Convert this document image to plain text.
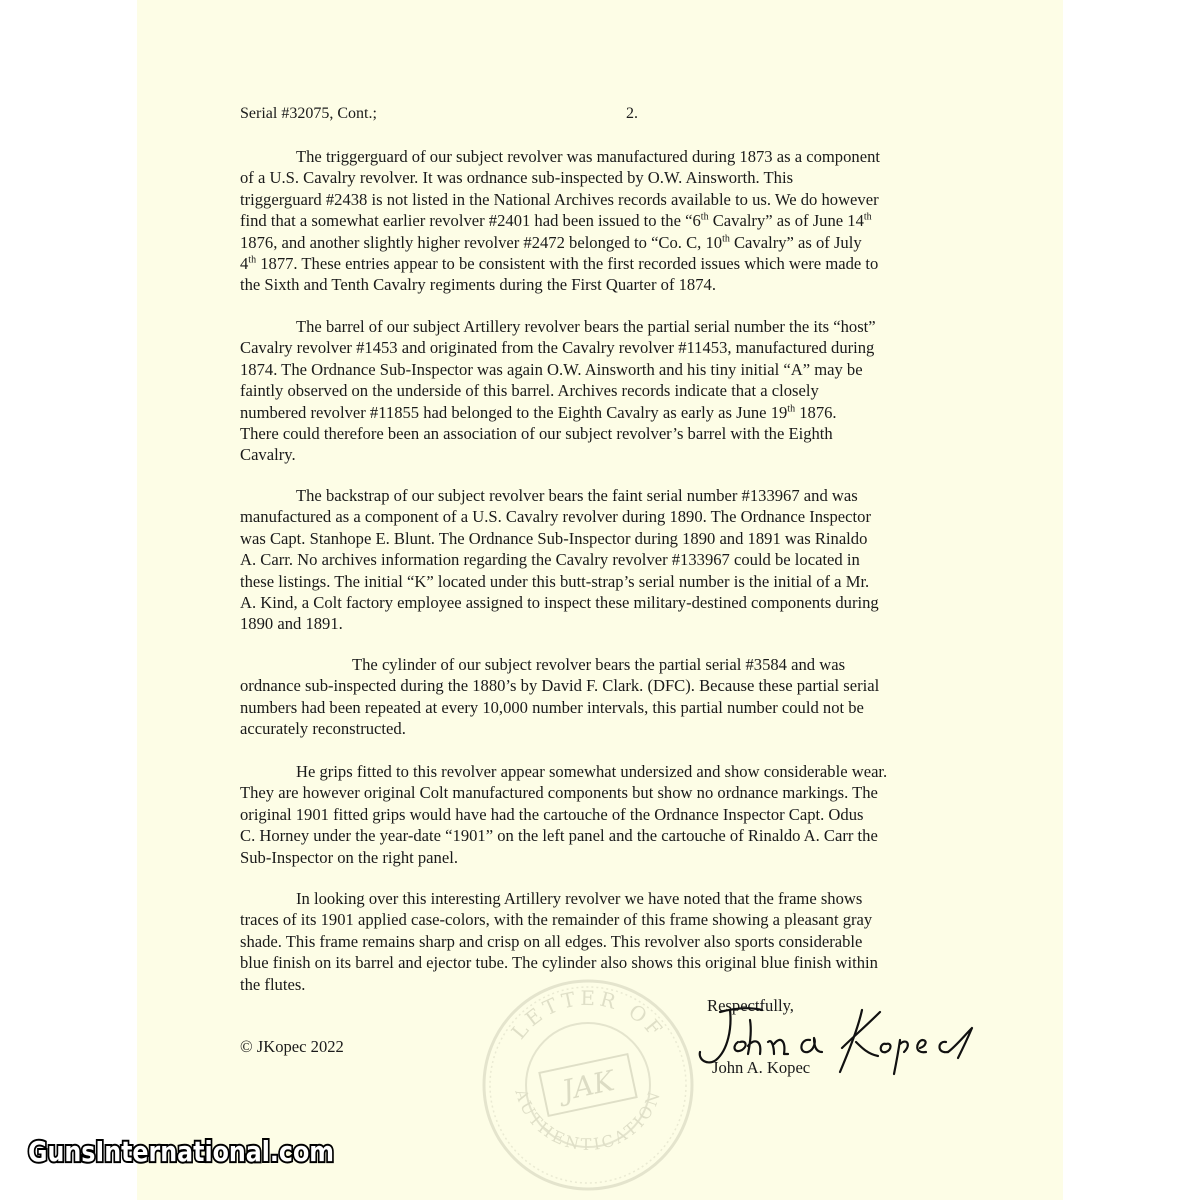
Serial #32075, Cont.;	2.

The triggerguard of our subject revolver was manufactured during 1873 as a component
of a U.S. Cavalry revolver. It was ordnance sub-inspected by O.W. Ainsworth. This
triggerguard #2438 is not listed in the National Archives records available to us. We do however
find that a somewhat earlier revolver #2401 had been issued to the “6th Cavalry” as of June 14th
1876, and another slightly higher revolver #2472 belonged to “Co. C, 10th Cavalry” as of July
4th 1877. These entries appear to be consistent with the first recorded issues which were made to
the Sixth and Tenth Cavalry regiments during the First Quarter of 1874.

The barrel of our subject Artillery revolver bears the partial serial number the its “host”
Cavalry revolver #1453 and originated from the Cavalry revolver #11453, manufactured during
1874. The Ordnance Sub-Inspector was again O.W. Ainsworth and his tiny initial “A” may be
faintly observed on the underside of this barrel. Archives records indicate that a closely
numbered revolver #11855 had belonged to the Eighth Cavalry as early as June 19th 1876.
There could therefore been an association of our subject revolver’s barrel with the Eighth
Cavalry.

The backstrap of our subject revolver bears the faint serial number #133967 and was
manufactured as a component of a U.S. Cavalry revolver during 1890. The Ordnance Inspector
was Capt. Stanhope E. Blunt. The Ordnance Sub-Inspector during 1890 and 1891 was Rinaldo
A. Carr. No archives information regarding the Cavalry revolver #133967 could be located in
these listings. The initial “K” located under this butt-strap’s serial number is the initial of a Mr.
A. Kind, a Colt factory employee assigned to inspect these military-destined components during
1890 and 1891.

The cylinder of our subject revolver bears the partial serial #3584 and was
ordnance sub-inspected during the 1880’s by David F. Clark. (DFC). Because these partial serial
numbers had been repeated at every 10,000 number intervals, this partial number could not be
accurately reconstructed.

He grips fitted to this revolver appear somewhat undersized and show considerable wear.
They are however original Colt manufactured components but show no ordnance markings. The
original 1901 fitted grips would have had the cartouche of the Ordnance Inspector Capt. Odus
C. Horney under the year-date “1901” on the left panel and the cartouche of Rinaldo A. Carr the
Sub-Inspector on the right panel.

In looking over this interesting Artillery revolver we have noted that the frame shows
traces of its 1901 applied case-colors, with the remainder of this frame showing a pleasant gray
shade. This frame remains sharp and crisp on all edges. This revolver also sports considerable
blue finish on its barrel and ejector tube. The cylinder also shows this original blue finish within
the flutes.

© JKopec 2022
LETTER OF
AUTHENTICATION
JAK
Respectfully,
John A. Kopec
GunsInternational.com
